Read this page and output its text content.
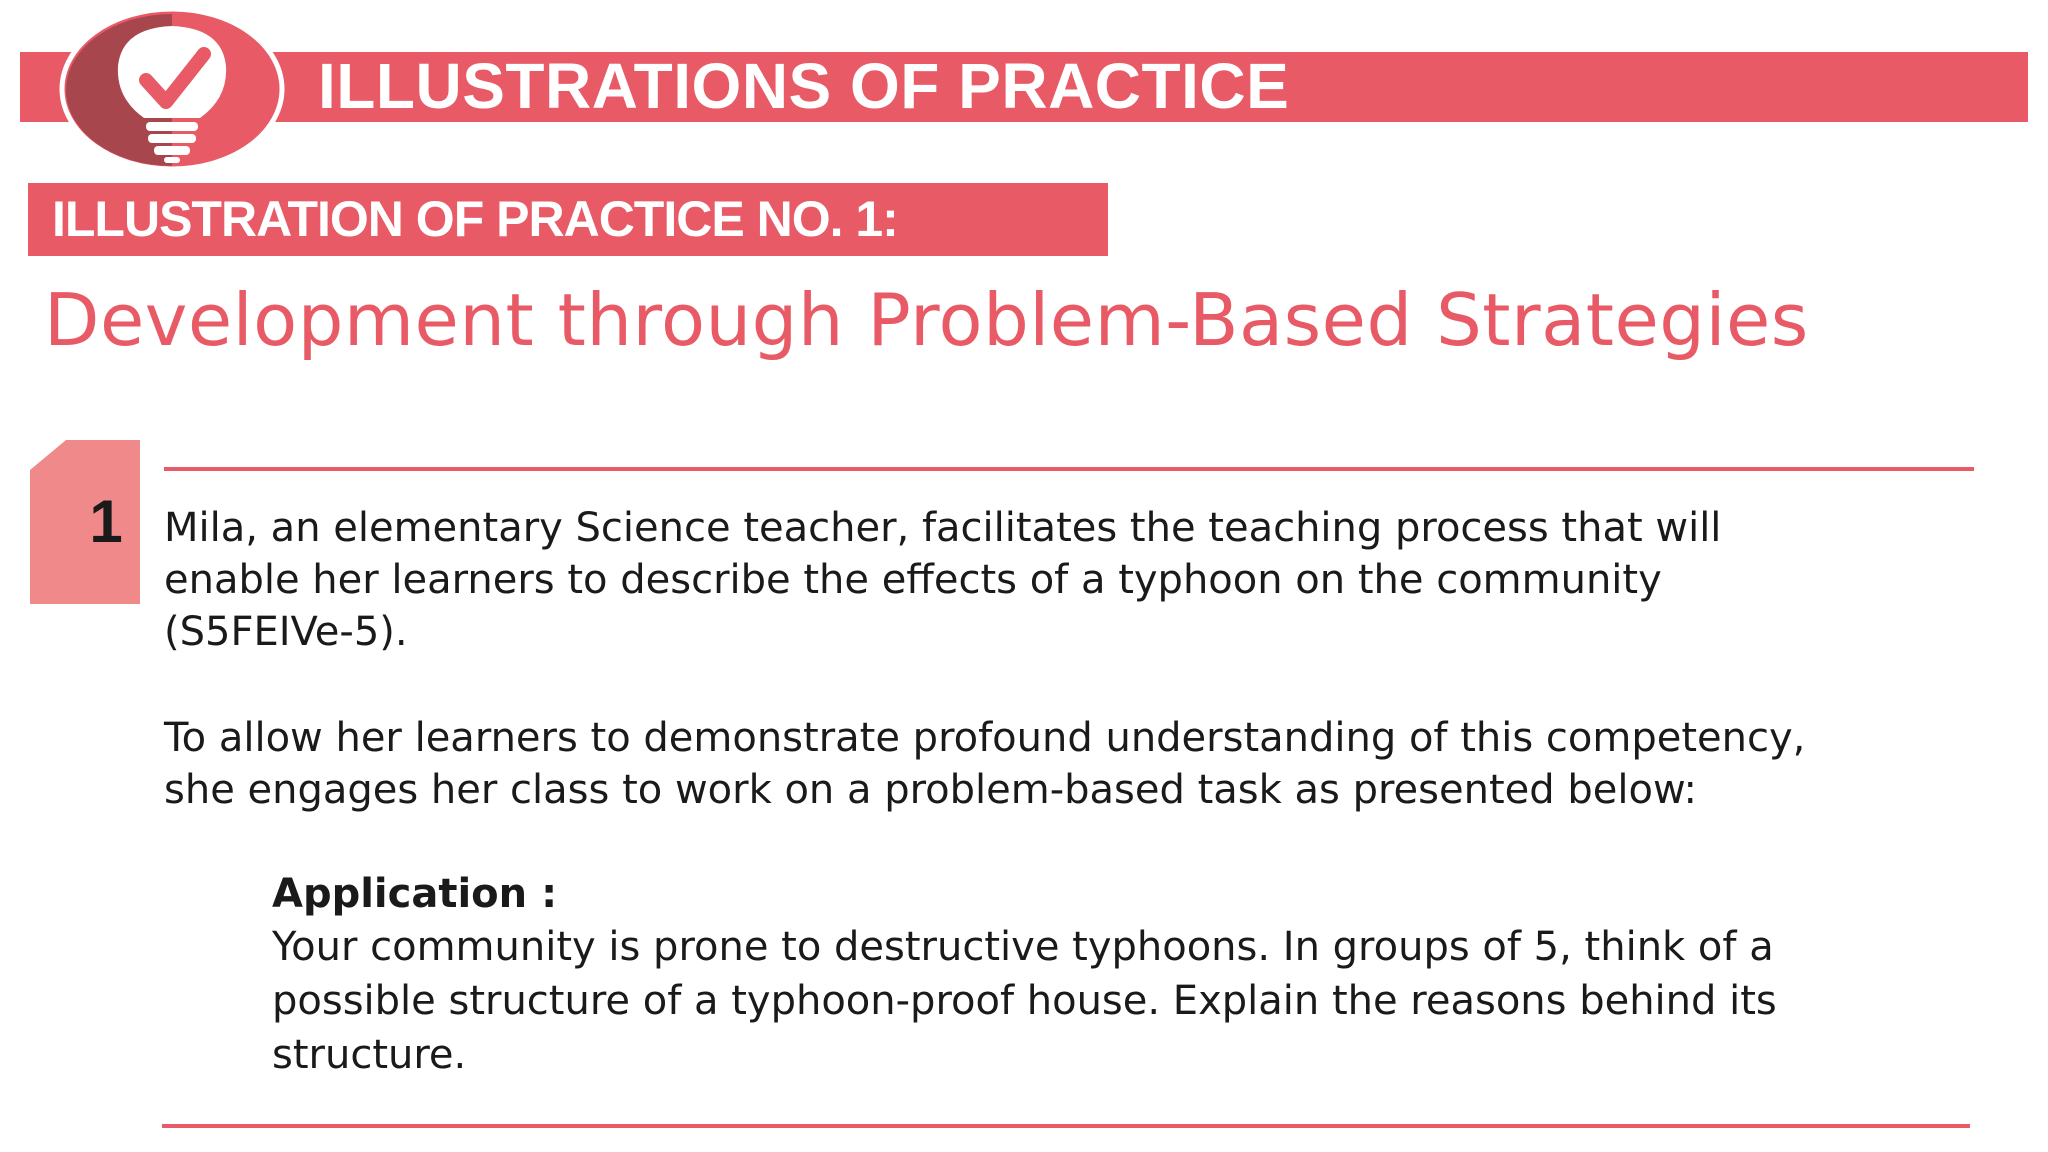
ILLUSTRATIONS OF PRACTICE
ILLUSTRATION OF PRACTICE NO. 1:
Development through Problem-Based Strategies
1	Mila, an elementary Science teacher, facilitates the teaching process that will
enable her learners to describe the effects of a typhoon on the community
(S5FEIVe-5).
To allow her learners to demonstrate profound understanding of this competency,
she engages her class to work on a problem-based task as presented below:
Application :
Your community is prone to destructive typhoons. In groups of 5, think of a
possible structure of a typhoon-proof house. Explain the reasons behind its
structure.
